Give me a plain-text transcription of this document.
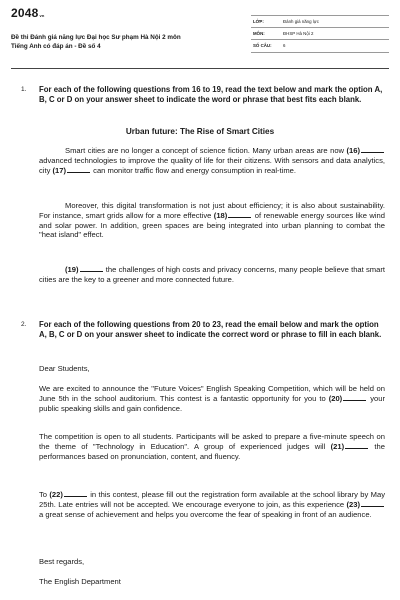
$2048^{vn}$
Đề thi Đánh giá năng lực Đại học Sư phạm Hà Nội 2 môn
Tiếng Anh có đáp án - Đề số 4
LỚP:	Đánh giá năng lực
MÔN:	ĐHSP Hà Nội 2
SỐ CÂU:	6
1. For each of the following questions from 16 to 19, read the text below and mark the option A, B, C or D on your answer sheet to indicate the word or phrase that best fits each blank.
Urban future: The Rise of Smart Cities
Smart cities are no longer a concept of science fiction. Many urban areas are now (16) advanced technologies to improve the quality of life for their citizens. With sensors and data analytics, city (17)	can monitor traffic flow and energy consumption in real-time.
Moreover, this digital transformation is not just about efficiency; it is also about sustainability. For instance, smart grids allow for a more effective (18)	of renewable energy sources like wind and solar power. In addition, green spaces are being integrated into urban planning to combat the "heat island" effect.
(19)	the challenges of high costs and privacy concerns, many people believe that smart cities are the key to a greener and more connected future.
2. For each of the following questions from 20 to 23, read the email below and mark the option A, B, C or D on your answer sheet to indicate the correct word or phrase to fill in each blank.
Dear Students,
We are excited to announce the "Future Voices" English Speaking Competition, which will be held on June 5th in the school auditorium. This contest is a fantastic opportunity for you to (20)	your public speaking skills and gain confidence.
The competition is open to all students. Participants will be asked to prepare a five-minute speech on the theme of "Technology in Education". A group of experienced judges will (21)	the performances based on pronunciation, content, and fluency.
To (22)	in this contest, please fill out the registration form available at the school library by May 25th. Late entries will not be accepted. We encourage everyone to join, as this experience (23) a great sense of achievement and helps you overcome the fear of speaking in front of an audience.
Best regards,
The English Department
